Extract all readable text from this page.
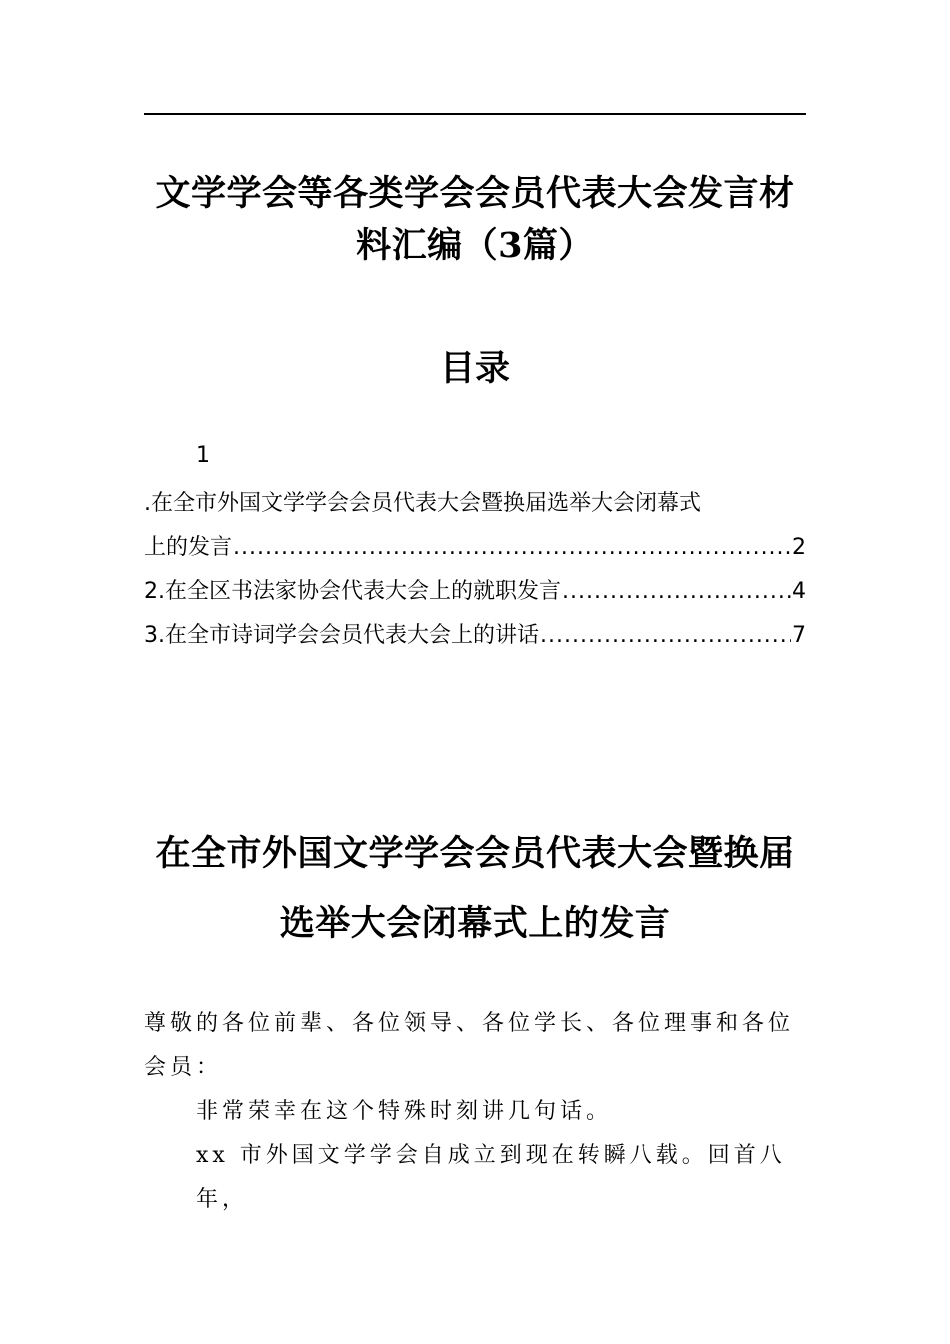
文学学会等各类学会会员代表大会发言材
料汇编（3篇）
目录
1
.在全市外国文学学会会员代表大会暨换届选举大会闭幕式
上的发言 .....	2
2.在全区书法家协会代表大会上的就职发言 .....	4
3.在全市诗词学会会员代表大会上的讲话 .....	7
在全市外国文学学会会员代表大会暨换届
选举大会闭幕式上的发言
尊敬的各位前辈、各位领导、各位学长、各位理事和各位
会员：
非常荣幸在这个特殊时刻讲几句话。
xx 市外国文学学会自成立到现在转瞬八载。回首八年，
